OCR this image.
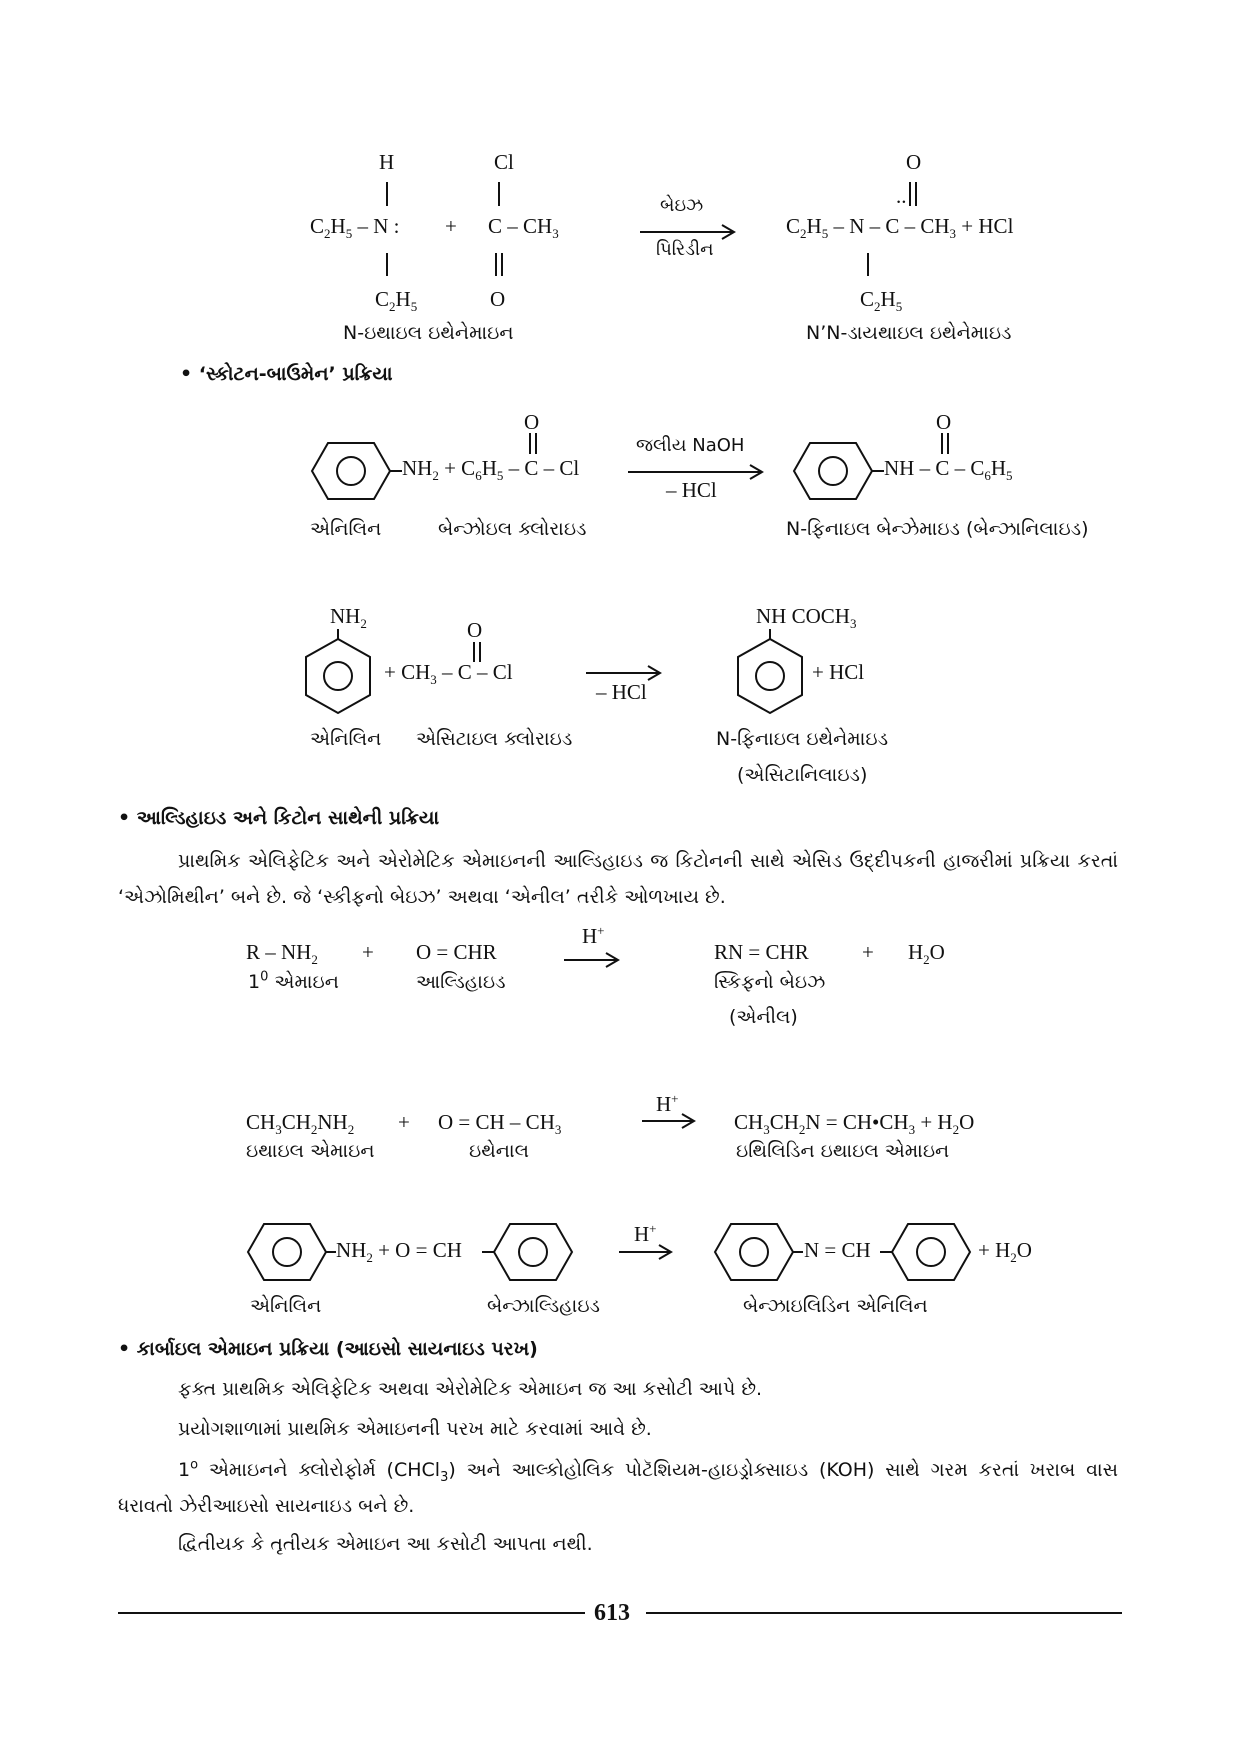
H	Cl	O
..
$C_2H_5$ – N : + C – $CH_3$
બેઇઝ
પિરિડીન
$C_2H_5$ – N – C – $CH_3$ + HCl
$C_2H_5$	O	$C_2H_5$
N-ઇથાઇલ ઇથેનેમાઇન	N’N-ડાયથાઇલ ઇથેનેમાઇડ
• ‘સ્કોટન-બાઉમેન’ પ્રક્રિયા
O
$NH_2 + C_6H_5 - C - Cl$
જલીય NaOH
– HCl
O
NH – C – $C_6H_5$
એનિલિન	બેન્ઝોઇલ ક્લોરાઇડ	N-ફિનાઇલ બેન્ઝેમાઇડ (બેન્ઝાનિલાઇડ)
$NH_2$	O
+ $CH_3$ – C – Cl
– HCl
NH $COCH_3$
+ HCl
એનિલિન એસિટાઇલ ક્લોરાઇડ	N-ફિનાઇલ ઇથેનેમાઇડ
(એસિટાનિલાઇડ)
• આલ્ડિહાઇડ અને કિટોન સાથેની પ્રક્રિયા
પ્રાથમિક એલિફેટિક અને એરોમેટિક એમાઇનની આલ્ડિહાઇડ જ કિટોનની સાથે એસિડ ઉદ્દીપકની હાજરીમાં પ્રક્રિયા કરતાં ‘એઝોમિથીન’ બને છે. જે ‘સ્કીફનો બેઇઝ’ અથવા ‘એનીલ’ તરીકે ઓળખાય છે.
H+
$R - NH_2 + O$ = CHR	RN = CHR	+ $H_2O$
$1^0$ એમાઇન	આલ્ડિહાઇડ	સ્કિફનો બેઇઝ
(એનીલ)
H+
$CH_3CH_2NH_2 + O$ = CH – $CH_3$	$CH_3CH_2N$ = $CH•CH_3 + H_2O$
ઇથાઇલ એમાઇન	ઇથેનાલ	ઇથિલિડિન ઇથાઇલ એમાઇન
H+
$NH_2 + O$ = CH	N = CH	+ $H_2O$
એનિલિન	બેન્ઝાલ્ડિહાઇડ	બેન્ઝાઇલિડિન એનિલિન
• કાર્બાઇલ એમાઇન પ્રક્રિયા (આઇસો સાયનાઇડ પરખ)
ફક્ત પ્રાથમિક એલિફેટિક અથવા એરોમેટિક એમાઇન જ આ કસોટી આપે છે.
પ્રયોગશાળામાં પ્રાથમિક એમાઇનની પરખ માટે કરવામાં આવે છે.
1$^o$ એમાઇનને ક્લોરોફોર્મ (CHCl$_3$) અને આલ્કોહોલિક પોટૅશિયમ-હાઇડ્રોક્સાઇડ (KOH) સાથે ગરમ કરતાં ખરાબ વાસ ધરાવતો ઝેરીઆઇસો સાયનાઇડ બને છે.
દ્વિતીયક કે તૃતીયક એમાઇન આ કસોટી આપતા નથી.
613
